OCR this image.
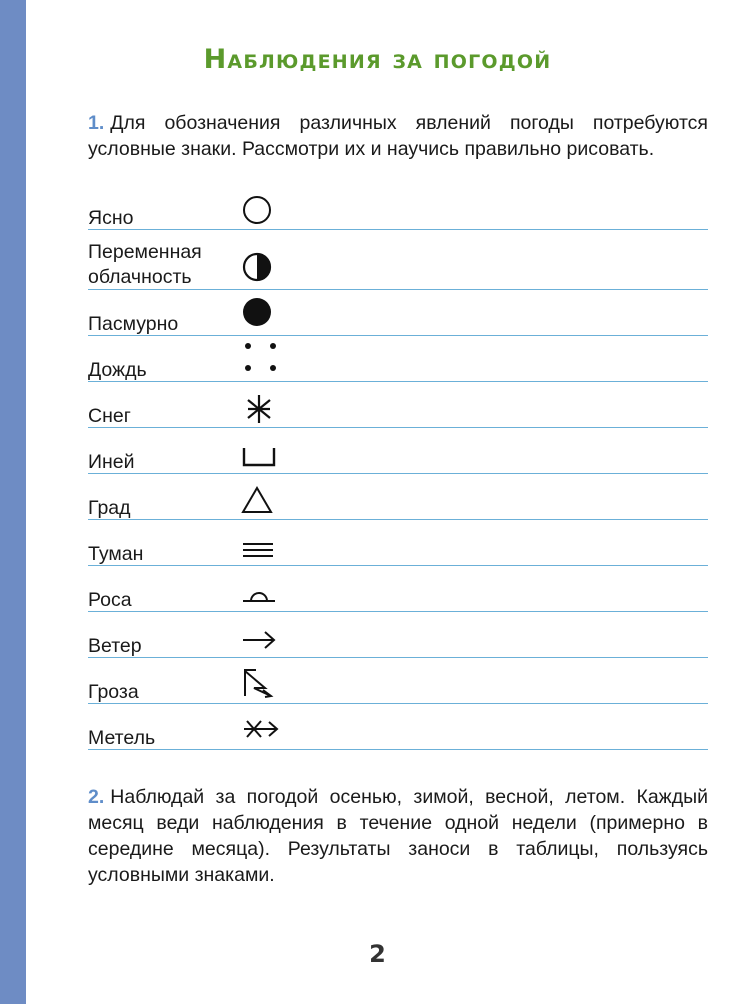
Наблюдения за погодой
1. Для обозначения различных явлений погоды потребуются условные знаки. Рассмотри их и научись правильно рисовать.
Ясно
Переменная облачность
Пасмурно
Дождь
Снег
Иней
Град
Туман
Роса
Ветер
Гроза
Метель
2. Наблюдай за погодой осенью, зимой, весной, летом. Каждый месяц веди наблюдения в течение одной недели (примерно в середине месяца). Результаты заноси в таблицы, пользуясь условными знаками.
2
